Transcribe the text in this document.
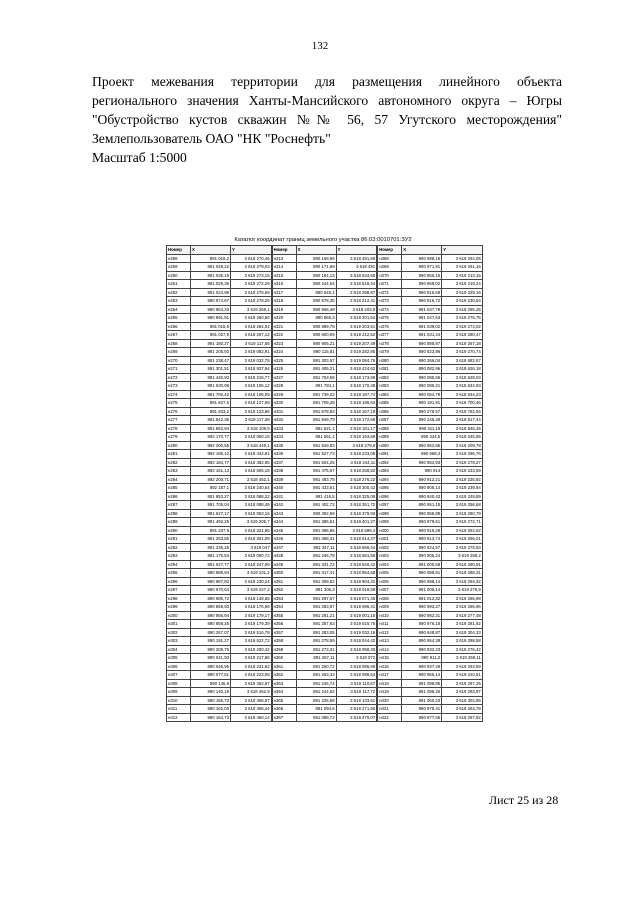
132
Проект межевания территории для размещения линейного объекта
регионального значения Ханты-Мансийского автономного округа – Югры
"Обустройство кустов скважин №№ 56, 57 Угутского месторождения"
Землепользователь ОАО "НК "Роснефть"
Масштаб 1:5000
Каталог координат границ земельного участка 86:03:0010701:ЗУ2
Номер	X	Y
н258	891 018,2	3 619 270,46
н259	891 028,22	3 619 279,03
н260	891 035,19	3 619 273,15
н261	891 029,39	3 619 272,29
н262	891 024,99	3 619 275,59
н263	890 974,67	3 619 278,25
н264	890 964,33	3 619 268,1
н265	890 891,51	3 619 260,56
н266	891 015,5	3 619 264,04
н267	891 027,9	3 619 267,12
н268	891 180,27	3 619 117,56
н269	891 205,93	3 619 082,91
н270	891 238,47	3 619 032,78
н271	891 301,51	3 618 927,94
н272	891 440,93	3 618 216,77
н273	891 630,98	3 618 106,12
н274	891 792,42	3 618 106,09
н275	891 827,6	3 618 127,69
н276	891 833,2	3 618 123,86
н277	891 842,36	3 618 117,38
н278	891 852,94	3 618 109,9
н279	892 170,77	3 618 050,15
н280	892 200,55	3 618 449,1
н281	892 185,12	3 618 442,81
н282	892 184,77	3 618 482,95
н283	892 161,13	3 618 506,18
н284	892 200,71	3 618 452,1
н285	892 187,1	3 618 240,54
н286	891 853,27	3 618 088,22
н287	891 705,04	3 618 088,49
н288	891 627,17	3 619 053,16
н289	891 492,25	3 619 205,7
н290	891 337,9	3 619 321,96
н291	891 253,56	3 619 301,09
н292	891 236,26	3 619 047
н293	891 176,53	3 619 090,72
н294	891 027,77	3 619 247,06
н295	890 988,94	3 619 231,2
н296	890 987,83	3 619 230,24
н297	890 970,64	3 619 227,2
н298	890 985,72	3 619 148,65
н299	890 859,93	3 619 176,96
н300	890 856,94	3 619 179,17
н301	890 859,25	3 619 179,39
н302	890 267,07	3 619 516,78
н303	890 191,27	3 619 522,72
н304	890 208,76	3 619 200,42
н305	890 041,93	3 619 217,86
н306	890 046,95	3 619 231,62
н307	890 077,51	3 619 223,08
н308	890 145,9	3 619 452,87
н309	890 140,18	3 618 462,9
н310	890 156,73	3 618 456,57
н311	890 162,03	3 618 456,44
н312	890 164,73	3 618 460,14
Номер	X	Y
н313	890 169,96	3 618 491,69
н314	890 171,68	3 618 491
н315	890 184,13	3 618 534,66
н316	890 244,54	3 618 616,44
н317	890 645,1	3 618 298,87
н318	890 678,35	3 618 212,41
н319	890 656,48	3 618 203,9
н320	890 865,3	3 619 201,64
н321	890 889,78	3 619 203,61
н322	890 600,09	3 619 212,52
н323	890 905,21	3 619 207,49
н324	890 115,81	3 619 282,95
н325	891 303,97	3 619 084,76
н326	891 405,21	3 618 424,62
н327	891 763,68	3 618 173,69
н328	891 784,1	3 618 170,48
н329	891 739,22	3 618 187,74
н330	891 709,28	3 618 195,63
н331	891 678,93	3 618 167,19
н332	891 849,79	3 618 172,66
н333	891 621,1	3 618 181,17
н334	891 551,1	3 618 193,69
н335	891 529,83	3 618 279,6
н336	891 527,72	3 618 233,05
н337	891 504,25	3 618 244,11
н338	891 475,67	3 618 258,82
н339	891 493,78	3 618 276,22
н340	891 433,61	3 618 300,42
н341	891 416,5	3 618 325,08
н342	891 402,72	3 618 351,72
н343	890 392,69	3 618 379,93
н344	891 386,51	3 618 401,27
н345	891 366,65	3 618 589,4
н346	891 358,31	3 618 614,37
н347	891 347,11	3 618 666,44
н348	891 346,78	3 618 681,55
н349	891 331,72	3 618 640,42
н350	891 317,41	3 618 854,68
н351	891 309,62	3 618 904,32
н352	891 306,3	3 619 018,59
н353	891 297,67	3 619 071,45
н354	891 283,97	3 619 086,41
н355	891 291,21	3 619 001,15
н356	891 287,63	3 619 015,76
н357	891 283,05	3 619 032,19
н358	891 278,59	3 619 044,42
н359	891 273,31	3 619 058,33
н360	891 267,11	3 619 072
н361	891 260,72	3 619 085,59
н362	891 253,33	3 619 098,64
н363	891 245,74	3 619 110,67
н364	891 244,62	3 619 117,72
н365	891 225,68	3 619 133,61
н366	891 094,6	3 619 271,56
н367	891 088,72	3 619 279,07
Номер	X	Y
н368	890 988,16	3 619 264,05
н369	890 971,91	3 619 261,16
н370	890 965,15	3 619 213,15
н371	890 968,02	3 619 219,24
н372	890 915,69	3 619 229,16
н373	890 916,72	3 619 230,64
н374	891 037,78	3 619 285,25
н375	891 047,63	3 619 275,75
н376	891 039,02	3 619 274,02
н377	891 031,44	3 619 280,47
н378	890 898,97	3 619 267,18
н379	890 823,96	3 619 270,74
н380	890 266,04	3 618 682,67
н381	890 082,96	3 618 626,18
н382	890 085,56	3 618 628,03
н383	890 086,21	3 618 634,93
н384	890 054,78	3 618 634,23
н385	890 191,91	3 618 700,46
н386	890 278,57	3 618 782,94
н387	890 245,48	3 618 817,44
н388	890 311,19	3 618 845,45
н389	890 344,5	3 619 045,65
н390	890 962,86	3 619 209,78
н391	890 968,4	3 619 296,76
н392	890 954,93	3 619 278,27
н393	890 914	3 619 233,59
н394	890 912,21	3 619 235,92
н395	890 908,14	3 619 239,94
н396	890 940,43	3 619 249,89
н397	890 951,15	3 619 256,68
н398	890 958,89	3 619 280,79
н399	890 979,61	3 619 272,71
н400	890 916,28	3 619 252,62
н401	890 913,74	3 619 256,01
н402	890 924,57	3 619 275,63
н403	890 905,24	3 619 259,2
н404	891 005,59	3 619 290,91
н405	890 998,81	3 619 288,31
н406	890 998,14	3 619 284,32
н407	891 005,14	3 619 275,9
н408	891 012,32	3 619 266,98
н409	890 993,27	3 619 265,96
н410	890 982,31	3 619 277,48
н411	890 976,18	3 619 281,62
н412	890 948,87	3 619 304,33
н413	890 954,38	3 619 299,58
н414	890 932,23	3 619 276,42
н415	890 911,2	3 619 259,11
н416	890 937,29	3 619 263,59
н417	890 965,14	3 619 310,51
н418	891 098,85	3 619 297,25
н419	891 096,26	3 619 293,97
н420	891 060,23	3 619 304,85
н421	890 975,41	3 619 264,79
н422	890 977,65	3 619 287,82
Лист 25 из 28
